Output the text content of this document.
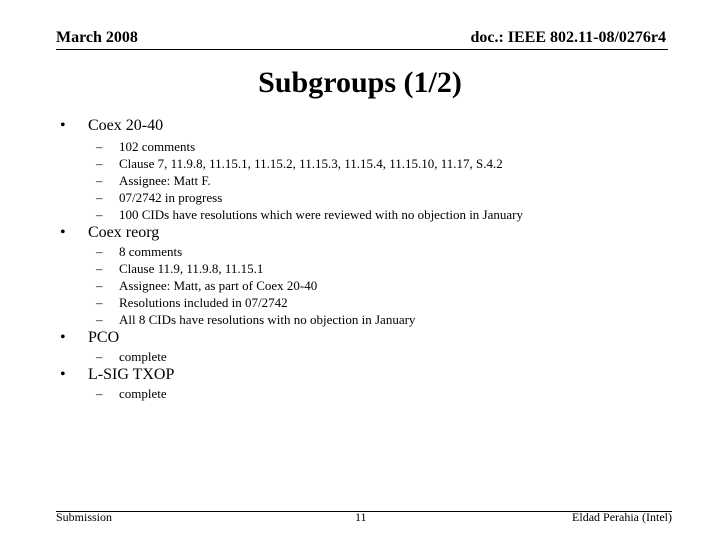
March 2008	doc.: IEEE 802.11-08/0276r4
Subgroups (1/2)
• Coex 20-40
– 102 comments
– Clause 7, 11.9.8, 11.15.1, 11.15.2, 11.15.3, 11.15.4, 11.15.10, 11.17, S.4.2
– Assignee: Matt F.
– 07/2742 in progress
– 100 CIDs have resolutions which were reviewed with no objection in January
• Coex reorg
– 8 comments
– Clause 11.9, 11.9.8, 11.15.1
– Assignee: Matt, as part of Coex 20-40
– Resolutions included in 07/2742
– All 8 CIDs have resolutions with no objection in January
• PCO
– complete
• L-SIG TXOP
– complete
Submission	11	Eldad Perahia (Intel)
